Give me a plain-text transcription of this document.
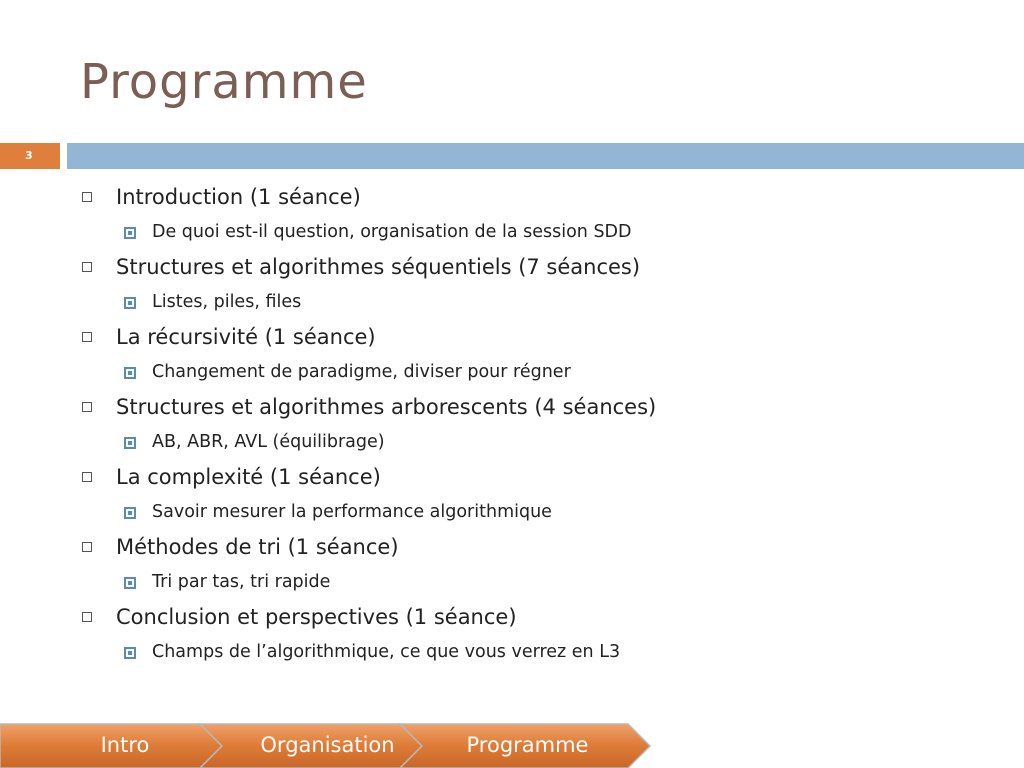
Programme
3
Introduction (1 séance)
De quoi est-il question, organisation de la session SDD
Structures et algorithmes séquentiels (7 séances)
Listes, piles, files
La récursivité (1 séance)
Changement de paradigme, diviser pour régner
Structures et algorithmes arborescents (4 séances)
AB, ABR, AVL (équilibrage)
La complexité (1 séance)
Savoir mesurer la performance algorithmique
Méthodes de tri (1 séance)
Tri par tas, tri rapide
Conclusion et perspectives (1 séance)
Champs de l’algorithmique, ce que vous verrez en L3
Intro	Organisation	Programme
